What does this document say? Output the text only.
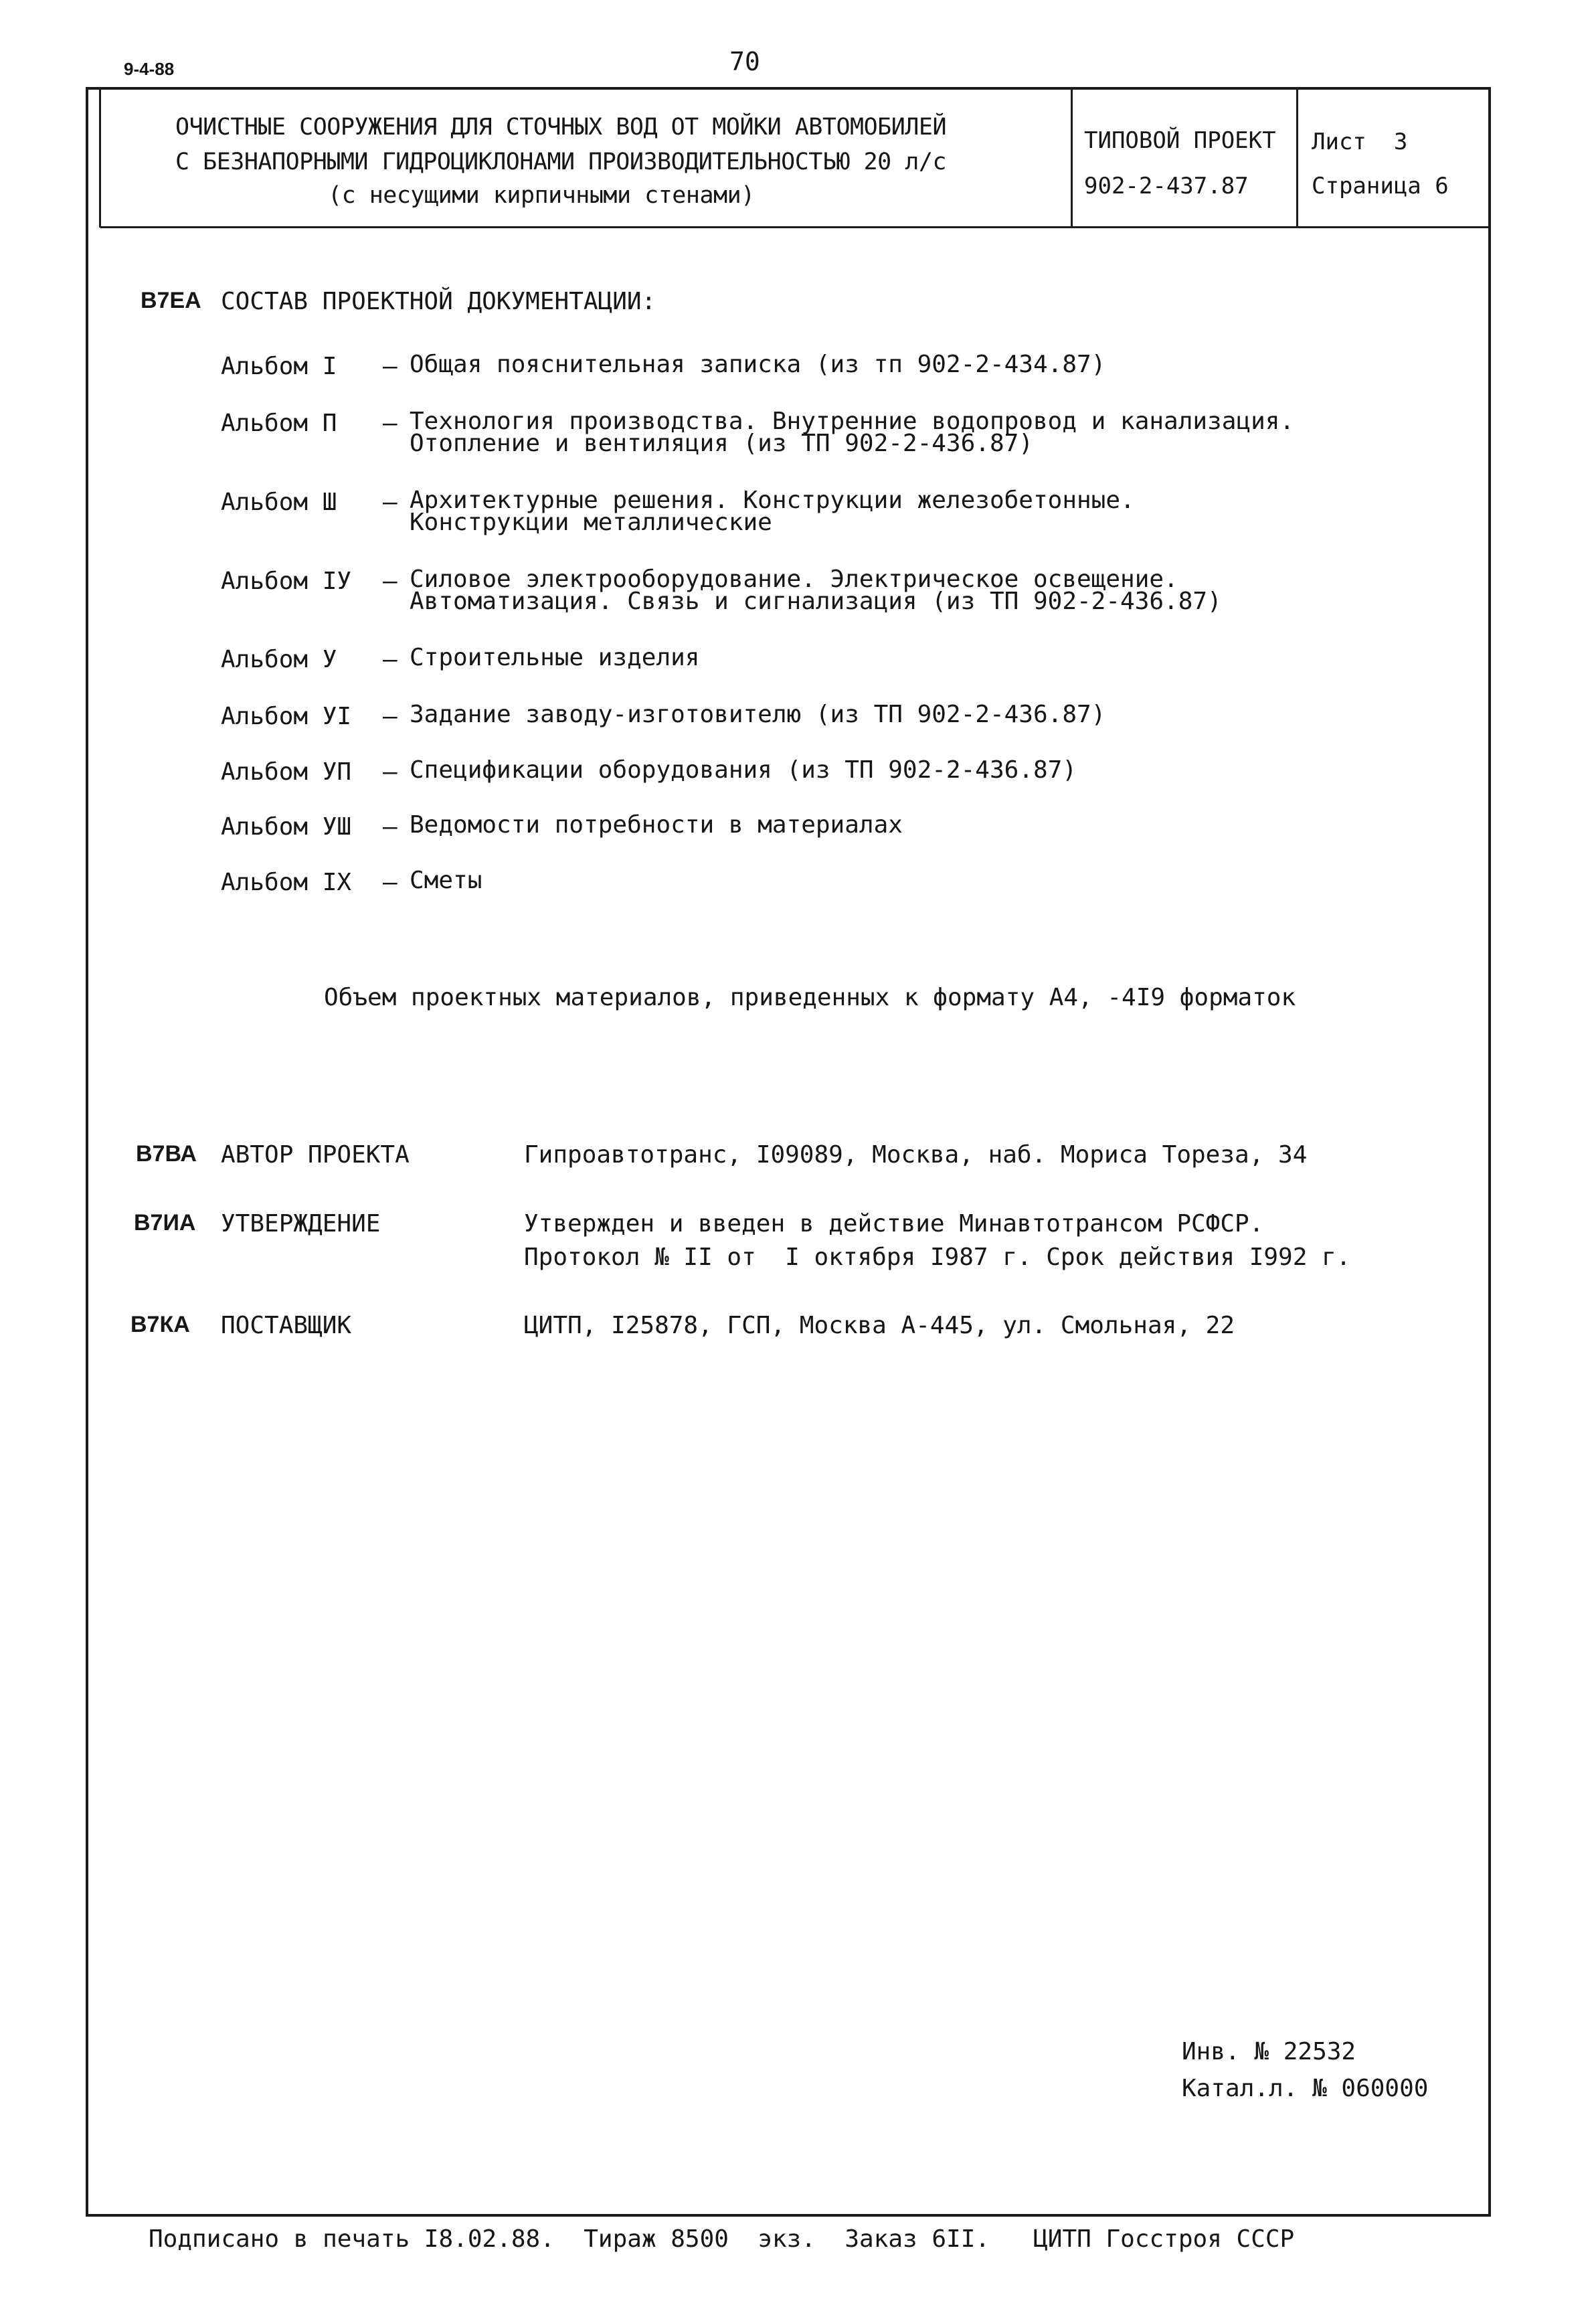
9-4-88	70
ОЧИСТНЫЕ СООРУЖЕНИЯ ДЛЯ СТОЧНЫХ ВОД ОТ МОЙКИ АВТОМОБИЛЕЙ
С БЕЗНАПОРНЫМИ ГИДРОЦИКЛОНАМИ ПРОИЗВОДИТЕЛЬНОСТЬЮ 20 л/с
(с несущими кирпичными стенами)
ТИПОВОЙ ПРОЕКТ
902-2-437.87
Лист  3
Страница 6
В7ЕА СОСТАВ ПРОЕКТНОЙ ДОКУМЕНТАЦИИ:
Альбом I – Общая пояснительная записка (из тп 902-2-434.87)
Альбом П – Технология производства. Внутренние водопровод и канализация.
Отопление и вентиляция (из ТП 902-2-436.87)
Альбом Ш – Архитектурные решения. Конструкции железобетонные.
Конструкции металлические
Альбом IУ – Силовое электрооборудование. Электрическое освещение.
Автоматизация. Связь и сигнализация (из ТП 902-2-436.87)
Альбом У – Строительные изделия
Альбом УI – Задание заводу-изготовителю (из ТП 902-2-436.87)
Альбом УП – Спецификации оборудования (из ТП 902-2-436.87)
Альбом УШ – Ведомости потребности в материалах
Альбом IX – Сметы
Объем проектных материалов, приведенных к формату А4, -4I9 форматок
В7ВА АВТОР ПРОЕКТА	Гипроавтотранс, I09089, Москва, наб. Мориса Тореза, 34
В7ИА УТВЕРЖДЕНИЕ	Утвержден и введен в действие Минавтотрансом РСФСР.
Протокол № II от  I октября I987 г. Срок действия I992 г.
В7КА ПОСТАВЩИК	ЦИТП, I25878, ГСП, Москва А-445, ул. Смольная, 22
Инв. № 22532
Катал.л. № 060000
Подписано в печать I8.02.88.  Тираж 8500  экз.  Заказ 6II.   ЦИТП Госстроя СССР
